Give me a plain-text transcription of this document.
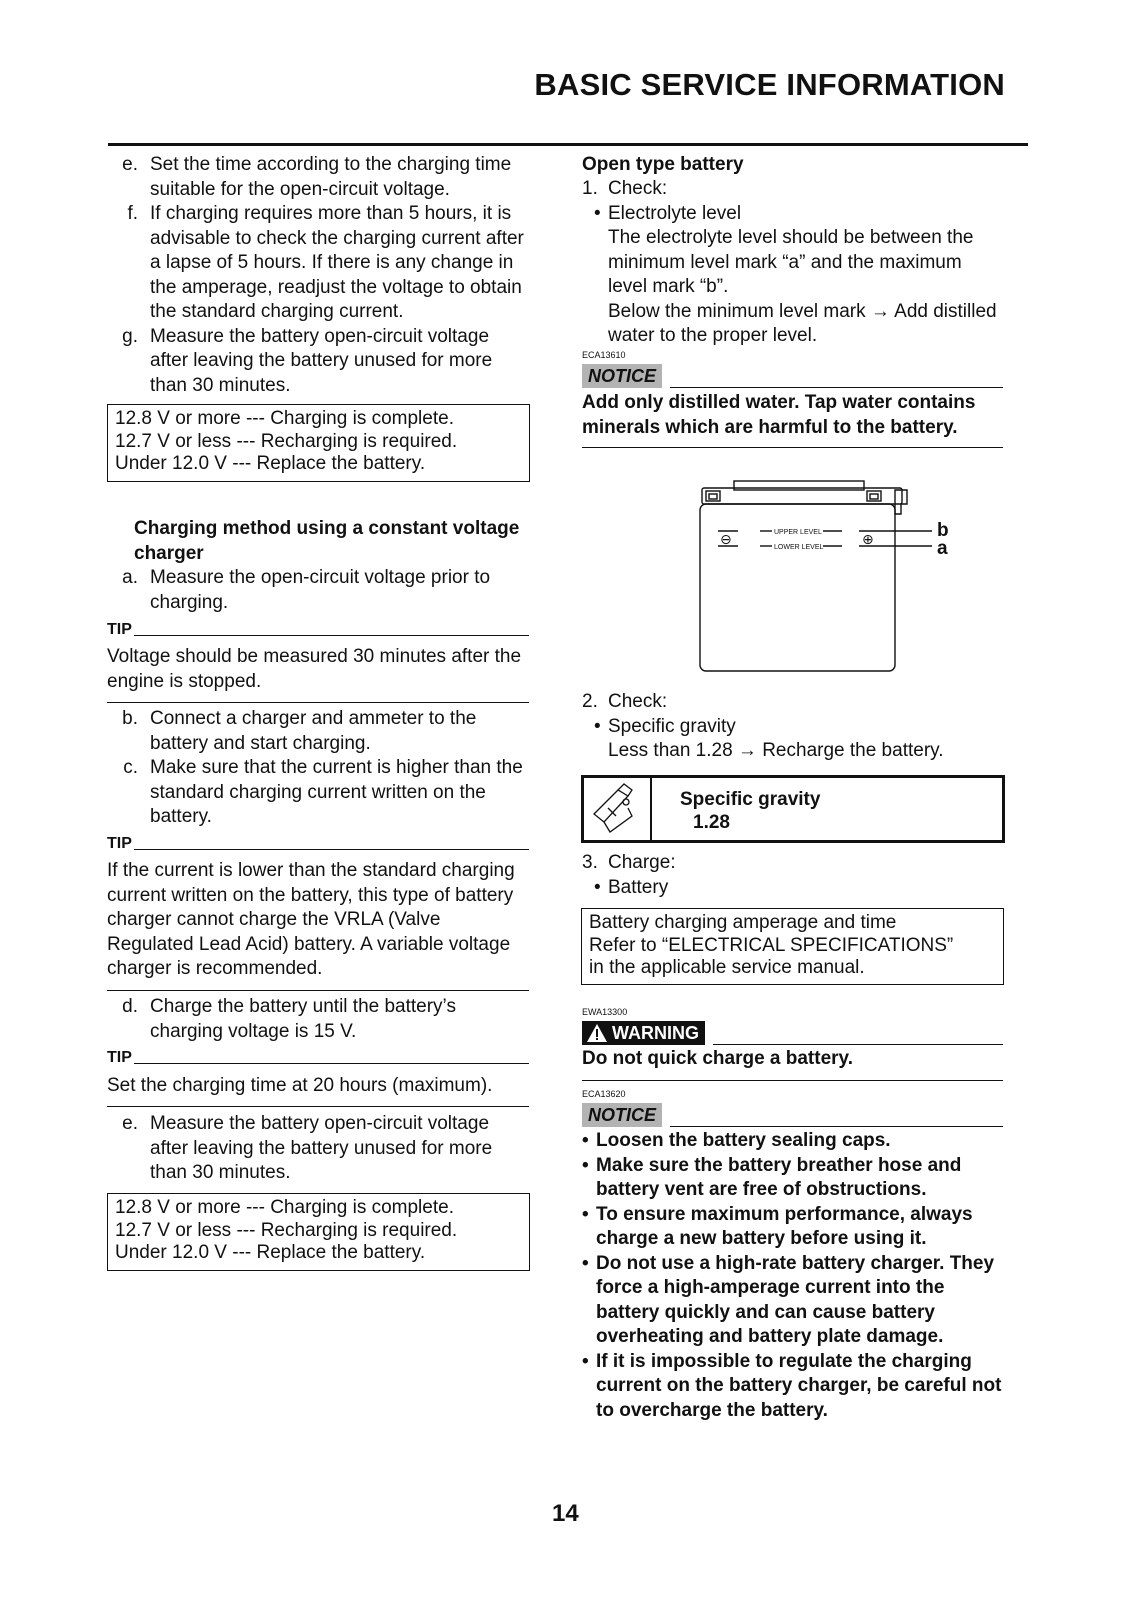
BASIC SERVICE INFORMATION
e. Set the time according to the charging time suitable for the open-circuit voltage.
f. If charging requires more than 5 hours, it is advisable to check the charging current after a lapse of 5 hours. If there is any change in the amperage, readjust the voltage to obtain the standard charging current.
g. Measure the battery open-circuit voltage after leaving the battery unused for more than 30 minutes.
12.8 V or more --- Charging is complete.
12.7 V or less --- Recharging is required.
Under 12.0 V --- Replace the battery.
Charging method using a constant voltage charger
a. Measure the open-circuit voltage prior to charging.
TIP
Voltage should be measured 30 minutes after the engine is stopped.
b. Connect a charger and ammeter to the battery and start charging.
c. Make sure that the current is higher than the standard charging current written on the battery.
TIP
If the current is lower than the standard charging current written on the battery, this type of battery charger cannot charge the VRLA (Valve Regulated Lead Acid) battery. A variable voltage charger is recommended.
d. Charge the battery until the battery’s charging voltage is 15 V.
TIP
Set the charging time at 20 hours (maximum).
e. Measure the battery open-circuit voltage after leaving the battery unused for more than 30 minutes.
12.8 V or more --- Charging is complete.
12.7 V or less --- Recharging is required.
Under 12.0 V --- Replace the battery.
Open type battery
1. Check:
• Electrolyte level
The electrolyte level should be between the minimum level mark “a” and the maximum level mark “b”.
Below the minimum level mark → Add distilled water to the proper level.
ECA13610
NOTICE
Add only distilled water. Tap water contains minerals which are harmful to the battery.
UPPER LEVEL
LOWER LEVEL
⊖	⊕	b
a
2. Check:
• Specific gravity
Less than 1.28 → Recharge the battery.
Specific gravity
1.28
3. Charge:
• Battery
Battery charging amperage and time
Refer to “ELECTRICAL SPECIFICATIONS”
in the applicable service manual.
EWA13300
WARNING
Do not quick charge a battery.
ECA13620
NOTICE
• Loosen the battery sealing caps.
• Make sure the battery breather hose and battery vent are free of obstructions.
• To ensure maximum performance, always charge a new battery before using it.
• Do not use a high-rate battery charger. They force a high-amperage current into the battery quickly and can cause battery overheating and battery plate damage.
• If it is impossible to regulate the charging current on the battery charger, be careful not to overcharge the battery.
14
